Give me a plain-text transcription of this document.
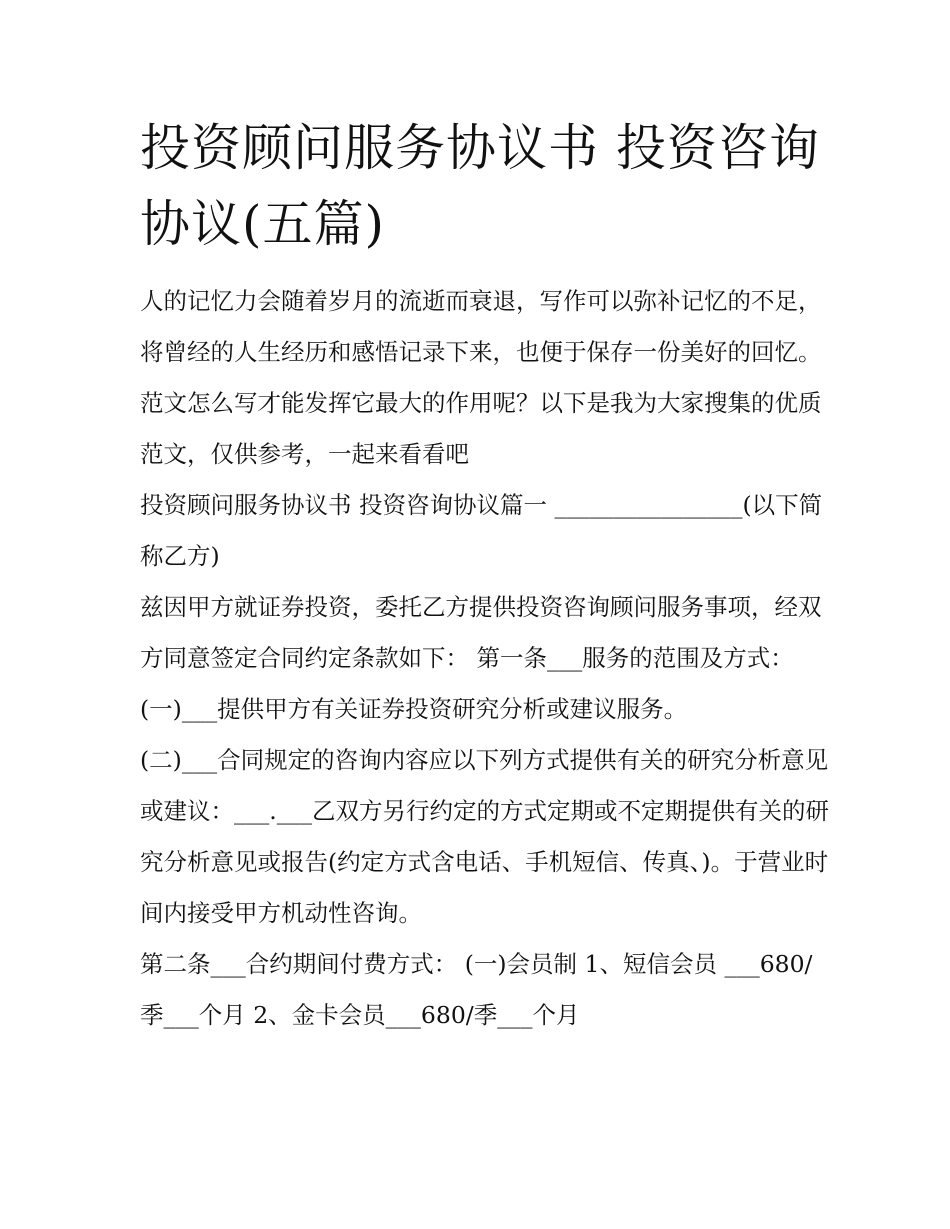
投资顾问服务协议书 投资咨询协议(五篇)

人的记忆力会随着岁月的流逝而衰退，写作可以弥补记忆的不足，将曾经的人生经历和感悟记录下来，也便于保存一份美好的回忆。范文怎么写才能发挥它最大的作用呢？以下是我为大家搜集的优质范文，仅供参考，一起来看看吧

投资顾问服务协议书 投资咨询协议篇一 ________________(以下简称乙方)

兹因甲方就证券投资，委托乙方提供投资咨询顾问服务事项，经双方同意签定合同约定条款如下： 第一条___服务的范围及方式：

(一)___提供甲方有关证券投资研究分析或建议服务。

(二)___合同规定的咨询内容应以下列方式提供有关的研究分析意见或建议：___.___乙双方另行约定的方式定期或不定期提供有关的研究分析意见或报告(约定方式含电话、手机短信、传真、)。于营业时间内接受甲方机动性咨询。

第二条___合约期间付费方式： (一)会员制 1、短信会员 ___680/季___个月 2、金卡会员___680/季___个月
